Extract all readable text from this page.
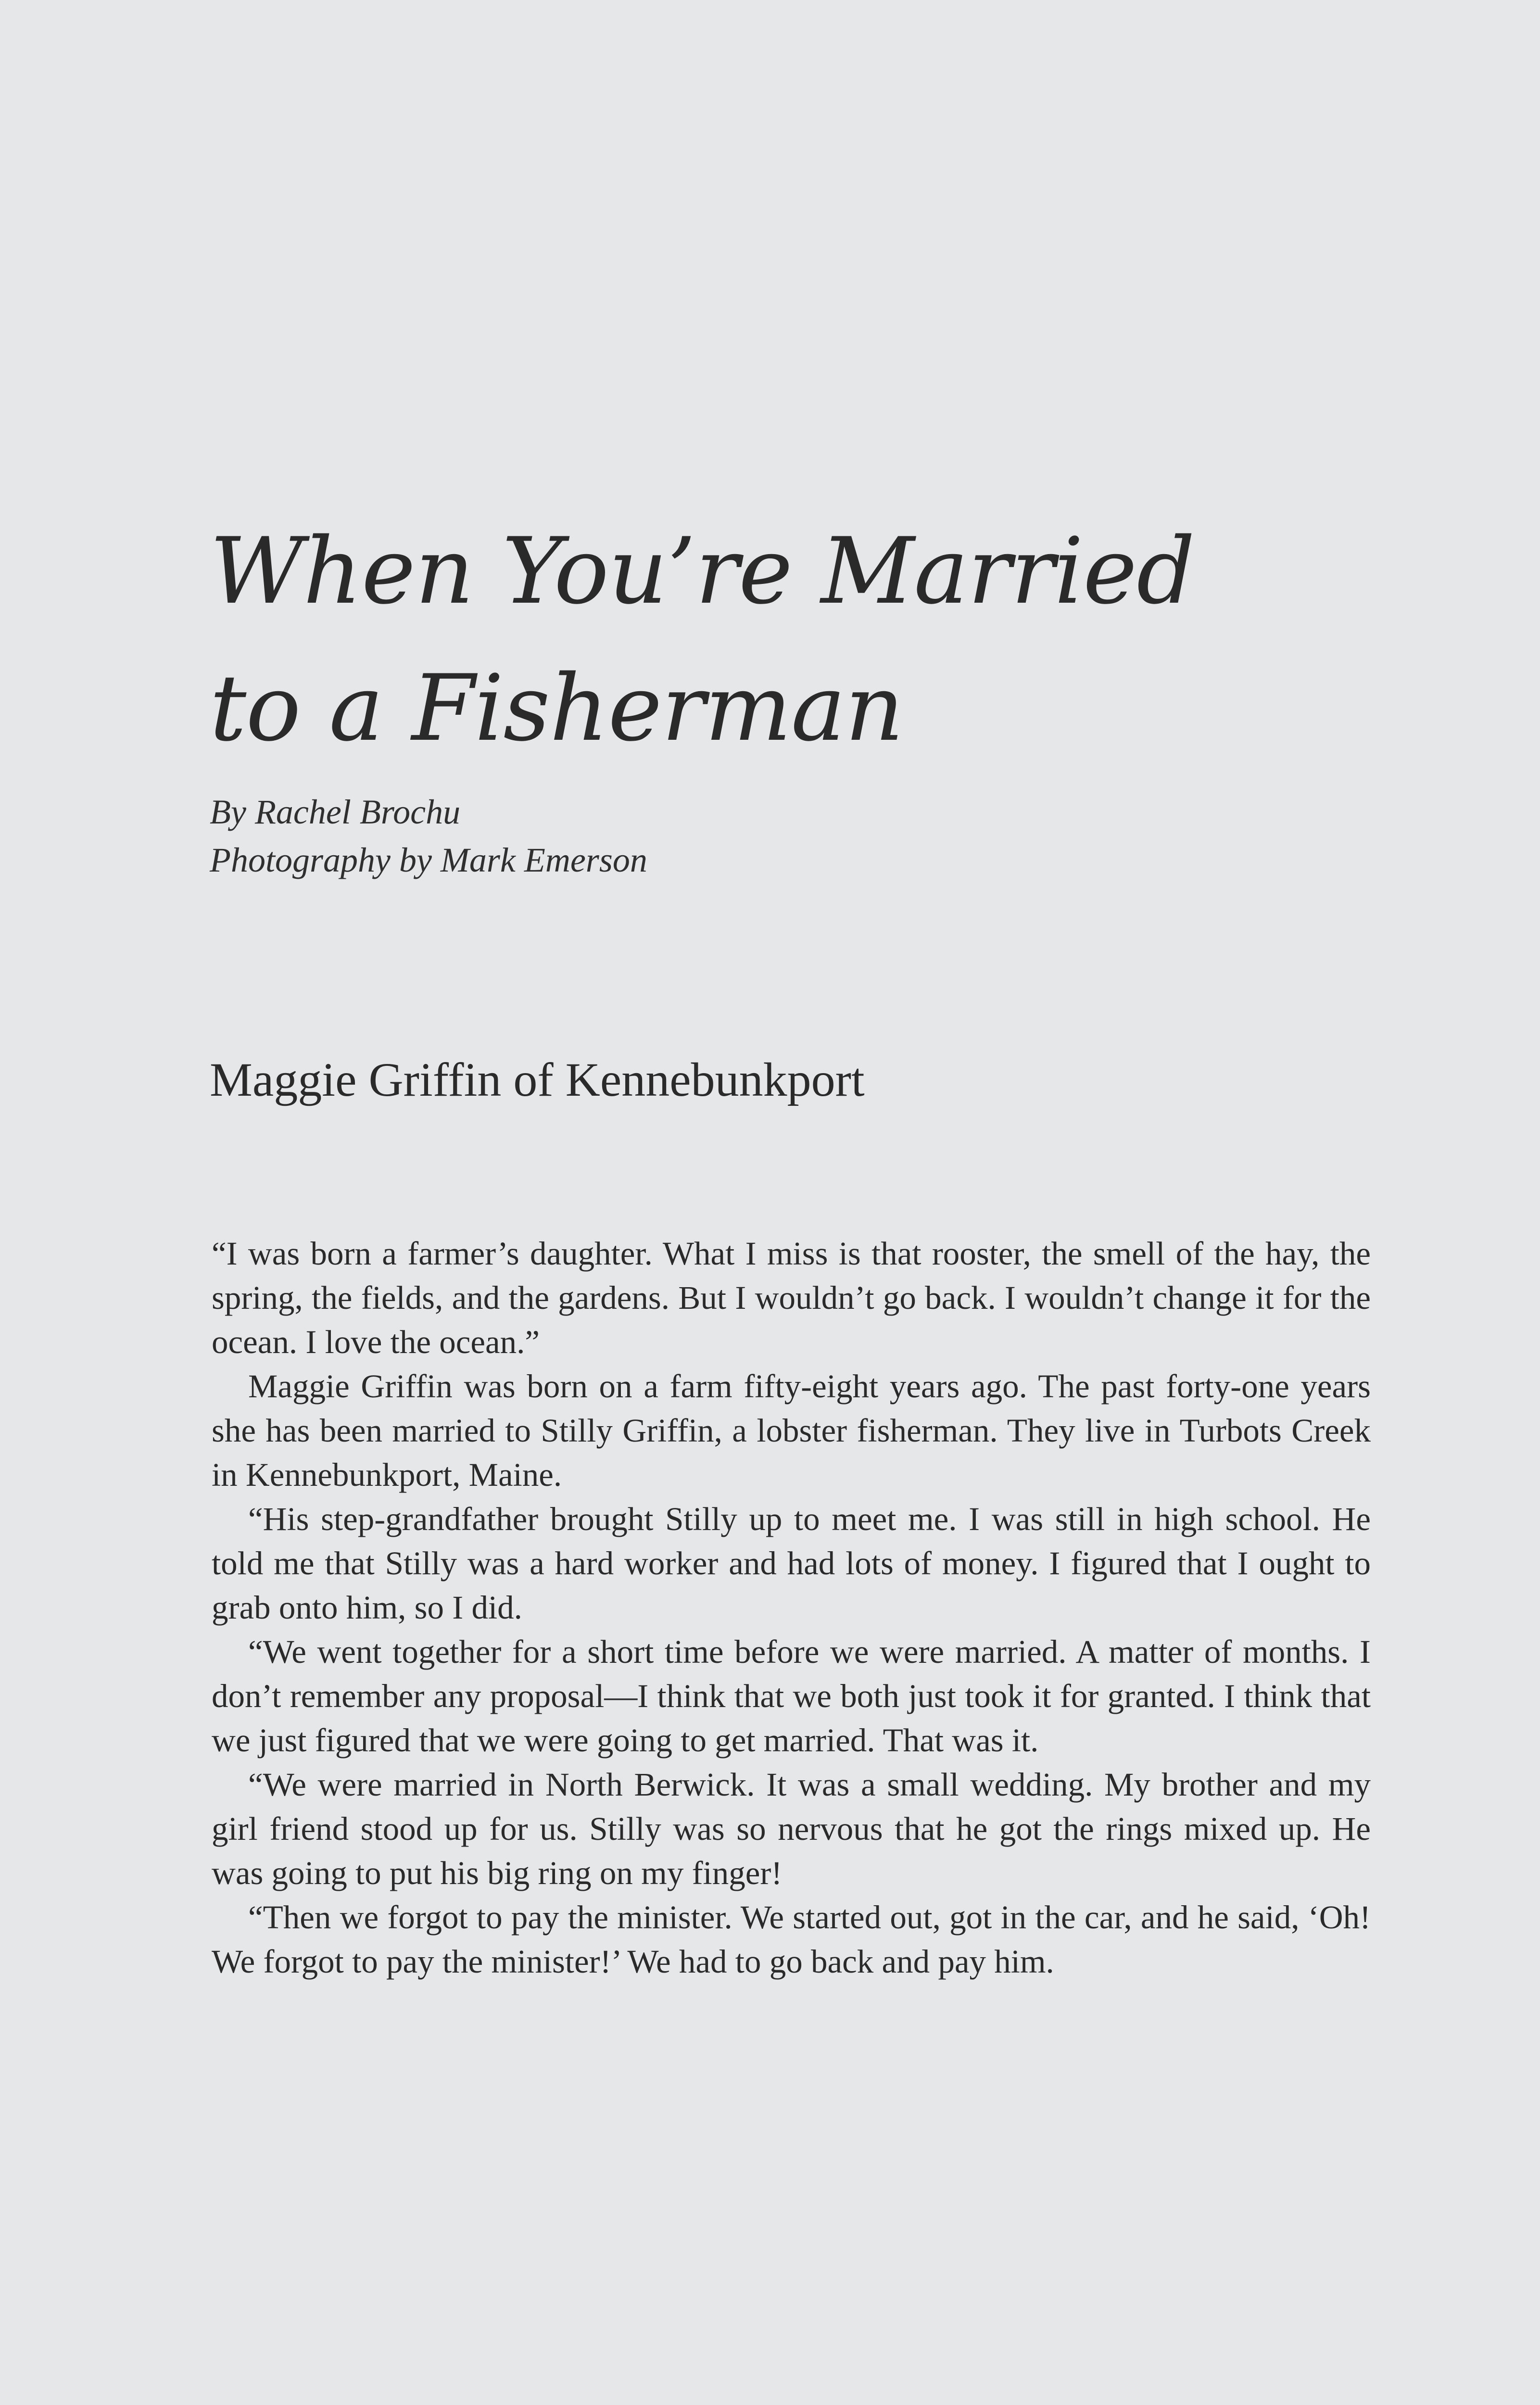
When You’re Married
to a Fisherman
By Rachel Brochu
Photography by Mark Emerson
Maggie Griffin of Kennebunkport

“I was born a farmer’s daughter. What I miss is that rooster, the smell of the hay, the spring, the fields, and the gardens. But I wouldn’t go back. I wouldn’t change it for the ocean. I love the ocean.”

Maggie Griffin was born on a farm fifty-eight years ago. The past forty-one years she has been married to Stilly Griffin, a lobster fisherman. They live in Turbots Creek in Kennebunkport, Maine.

“His step-grandfather brought Stilly up to meet me. I was still in high school. He told me that Stilly was a hard worker and had lots of money. I figured that I ought to grab onto him, so I did.

“We went together for a short time before we were married. A matter of months. I don’t remember any proposal—I think that we both just took it for granted. I think that we just figured that we were going to get married. That was it.

“We were married in North Berwick. It was a small wedding. My brother and my girl friend stood up for us. Stilly was so nervous that he got the rings mixed up. He was going to put his big ring on my finger!

“Then we forgot to pay the minister. We started out, got in the car, and he said, ‘Oh! We forgot to pay the minister!’ We had to go back and pay him.
